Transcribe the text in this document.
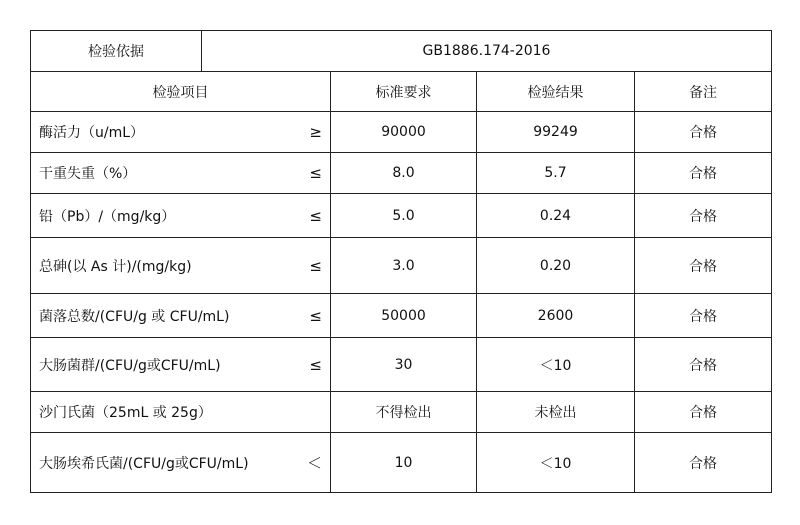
检验依据	GB1886.174-2016			
检验项目		标准要求	检验结果	备注

酶活力（u/mL） ≥		90000	99249	合格

干重失重（%） ≤		8.0	5.7	合格

铅（Pb）/（mg/kg） ≤		5.0	0.24	合格

总砷(以 As 计)/(mg/kg) ≤		3.0	0.20	合格

菌落总数/(CFU/g 或 CFU/mL) ≤		50000	2600	合格

大肠菌群/(CFU/g或CFU/mL) ≤		30	＜10	合格

沙门氏菌（25mL 或 25g）		不得检出	未检出	合格

大肠埃希氏菌/(CFU/g或CFU/mL) ＜		10	＜10	合格
